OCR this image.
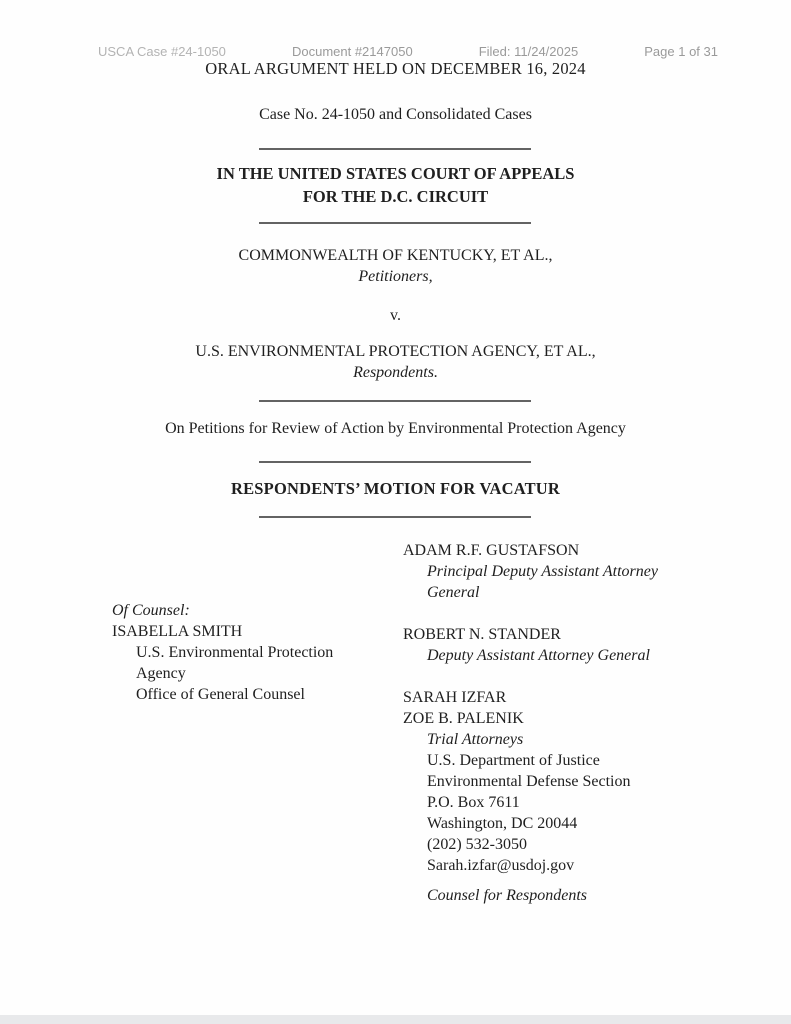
USCA Case #24-1050	Document #2147050	Filed: 11/24/2025	Page 1 of 31
ORAL ARGUMENT HELD ON DECEMBER 16, 2024
Case No. 24-1050 and Consolidated Cases
IN THE UNITED STATES COURT OF APPEALS
FOR THE D.C. CIRCUIT
COMMONWEALTH OF KENTUCKY, ET AL.,
Petitioners,
v.
U.S. ENVIRONMENTAL PROTECTION AGENCY, ET AL.,
Respondents.
On Petitions for Review of Action by Environmental Protection Agency
RESPONDENTS’ MOTION FOR VACATUR
Of Counsel:
ISABELLA SMITH
U.S. Environmental Protection
Agency
Office of General Counsel
ADAM R.F. GUSTAFSON
Principal Deputy Assistant Attorney
General
ROBERT N. STANDER
Deputy Assistant Attorney General
SARAH IZFAR
ZOE B. PALENIK
Trial Attorneys
U.S. Department of Justice
Environmental Defense Section
P.O. Box 7611
Washington, DC 20044
(202) 532-3050
Sarah.izfar@usdoj.gov
Counsel for Respondents
